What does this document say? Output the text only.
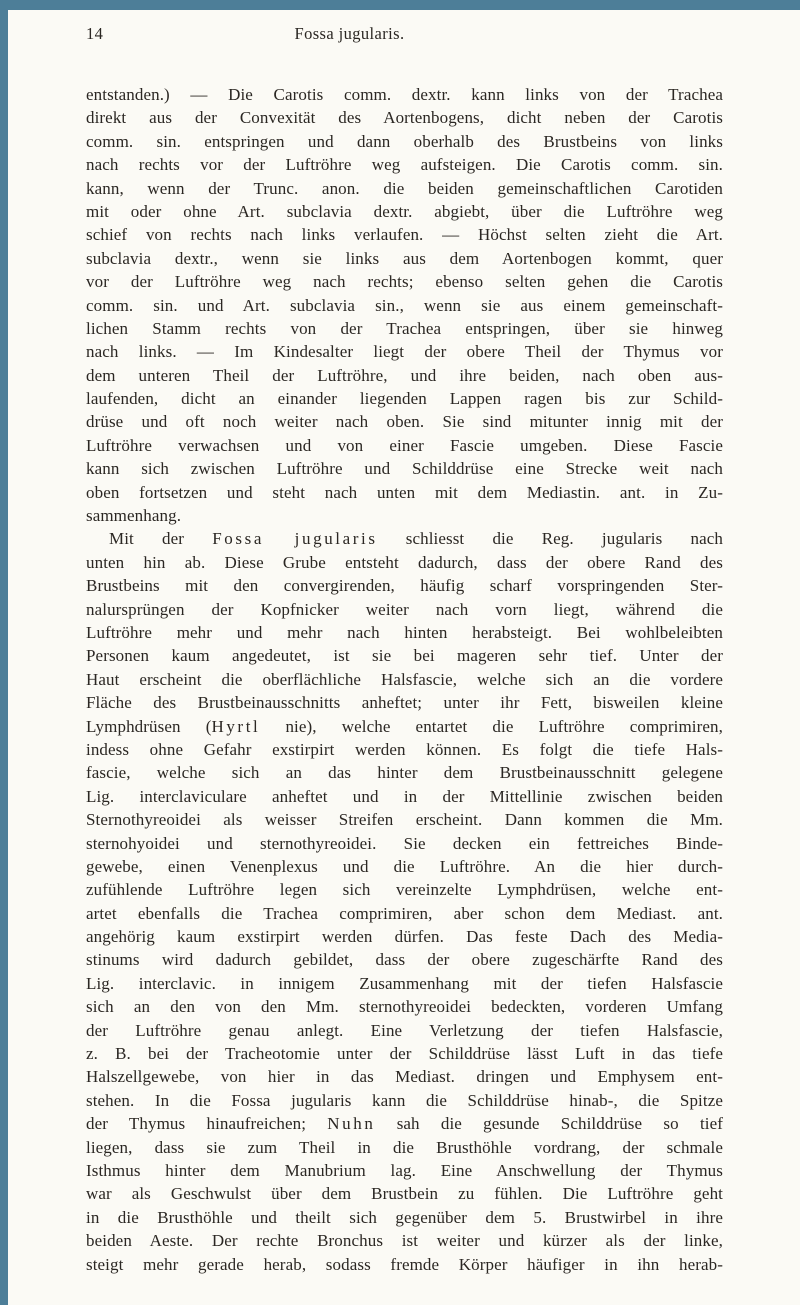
14	Fossa jugularis.
entstanden.) — Die Carotis comm. dextr. kann links von der Trachea
direkt aus der Convexität des Aortenbogens, dicht neben der Carotis
comm. sin. entspringen und dann oberhalb des Brustbeins von links
nach rechts vor der Luftröhre weg aufsteigen. Die Carotis comm. sin.
kann, wenn der Trunc. anon. die beiden gemeinschaftlichen Carotiden
mit oder ohne Art. subclavia dextr. abgiebt, über die Luftröhre weg
schief von rechts nach links verlaufen. — Höchst selten zieht die Art.
subclavia dextr., wenn sie links aus dem Aortenbogen kommt, quer
vor der Luftröhre weg nach rechts; ebenso selten gehen die Carotis
comm. sin. und Art. subclavia sin., wenn sie aus einem gemeinschaft-
lichen Stamm rechts von der Trachea entspringen, über sie hinweg
nach links. — Im Kindesalter liegt der obere Theil der Thymus vor
dem unteren Theil der Luftröhre, und ihre beiden, nach oben aus-
laufenden, dicht an einander liegenden Lappen ragen bis zur Schild-
drüse und oft noch weiter nach oben. Sie sind mitunter innig mit der
Luftröhre verwachsen und von einer Fascie umgeben. Diese Fascie
kann sich zwischen Luftröhre und Schilddrüse eine Strecke weit nach
oben fortsetzen und steht nach unten mit dem Mediastin. ant. in Zu-
sammenhang.
Mit der Fossa jugularis schliesst die Reg. jugularis nach
unten hin ab. Diese Grube entsteht dadurch, dass der obere Rand des
Brustbeins mit den convergirenden, häufig scharf vorspringenden Ster-
nalursprüngen der Kopfnicker weiter nach vorn liegt, während die
Luftröhre mehr und mehr nach hinten herabsteigt. Bei wohlbeleibten
Personen kaum angedeutet, ist sie bei mageren sehr tief. Unter der
Haut erscheint die oberflächliche Halsfascie, welche sich an die vordere
Fläche des Brustbeinausschnitts anheftet; unter ihr Fett, bisweilen kleine
Lymphdrüsen (Hyrtl nie), welche entartet die Luftröhre comprimiren,
indess ohne Gefahr exstirpirt werden können. Es folgt die tiefe Hals-
fascie, welche sich an das hinter dem Brustbeinausschnitt gelegene
Lig. interclaviculare anheftet und in der Mittellinie zwischen beiden
Sternothyreoidei als weisser Streifen erscheint. Dann kommen die Mm.
sternohyoidei und sternothyreoidei. Sie decken ein fettreiches Binde-
gewebe, einen Venenplexus und die Luftröhre. An die hier durch-
zufühlende Luftröhre legen sich vereinzelte Lymphdrüsen, welche ent-
artet ebenfalls die Trachea comprimiren, aber schon dem Mediast. ant.
angehörig kaum exstirpirt werden dürfen. Das feste Dach des Media-
stinums wird dadurch gebildet, dass der obere zugeschärfte Rand des
Lig. interclavic. in innigem Zusammenhang mit der tiefen Halsfascie
sich an den von den Mm. sternothyreoidei bedeckten, vorderen Umfang
der Luftröhre genau anlegt. Eine Verletzung der tiefen Halsfascie,
z. B. bei der Tracheotomie unter der Schilddrüse lässt Luft in das tiefe
Halszellgewebe, von hier in das Mediast. dringen und Emphysem ent-
stehen. In die Fossa jugularis kann die Schilddrüse hinab-, die Spitze
der Thymus hinaufreichen; Nuhn sah die gesunde Schilddrüse so tief
liegen, dass sie zum Theil in die Brusthöhle vordrang, der schmale
Isthmus hinter dem Manubrium lag. Eine Anschwellung der Thymus
war als Geschwulst über dem Brustbein zu fühlen. Die Luftröhre geht
in die Brusthöhle und theilt sich gegenüber dem 5. Brustwirbel in ihre
beiden Aeste. Der rechte Bronchus ist weiter und kürzer als der linke,
steigt mehr gerade herab, sodass fremde Körper häufiger in ihn herab-
